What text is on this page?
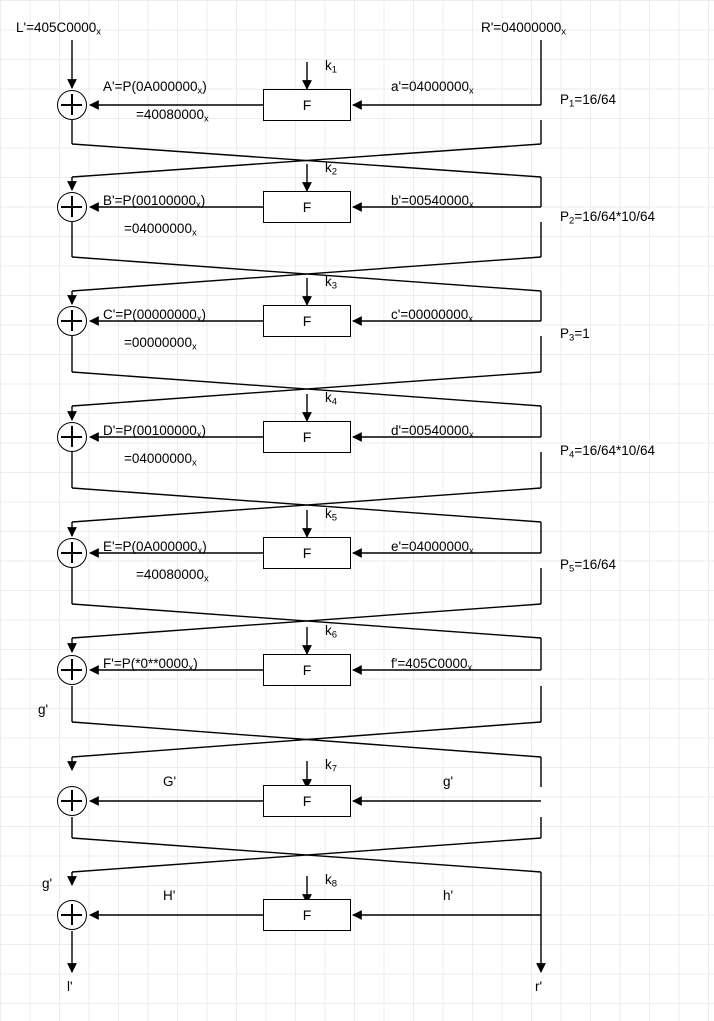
$L'=405C0000_x$	$R'=04000000_x$
F
F
F
F
F
F
F
F
$k_1$
$k_2$
$k_3$
$k_4$
$k_5$
$k_6$
$k_7$
$k_8$
$A'=P(0A000000_x)$
$=40080000_x$
$B'=P(00100000_x)$
$=04000000_x$
$C'=P(00000000_x)$
$=00000000_x$
$D'=P(00100000_x)$
$=04000000_x$
$E'=P(0A000000_x)$
$=40080000_x$
$F'=P(*0**0000_x)$
G'
H'
$a'=04000000_x$
$b'=00540000_x$
$c'=00000000_x$
$d'=00540000_x$
$e'=04000000_x$
$f'=405C0000_x$
g'
h'
$P_1=16/64$
$P_2=16/64*10/64$
$P_3=1$
$P_4=16/64*10/64$
$P_5=16/64$
g'
g'
l'	r'
